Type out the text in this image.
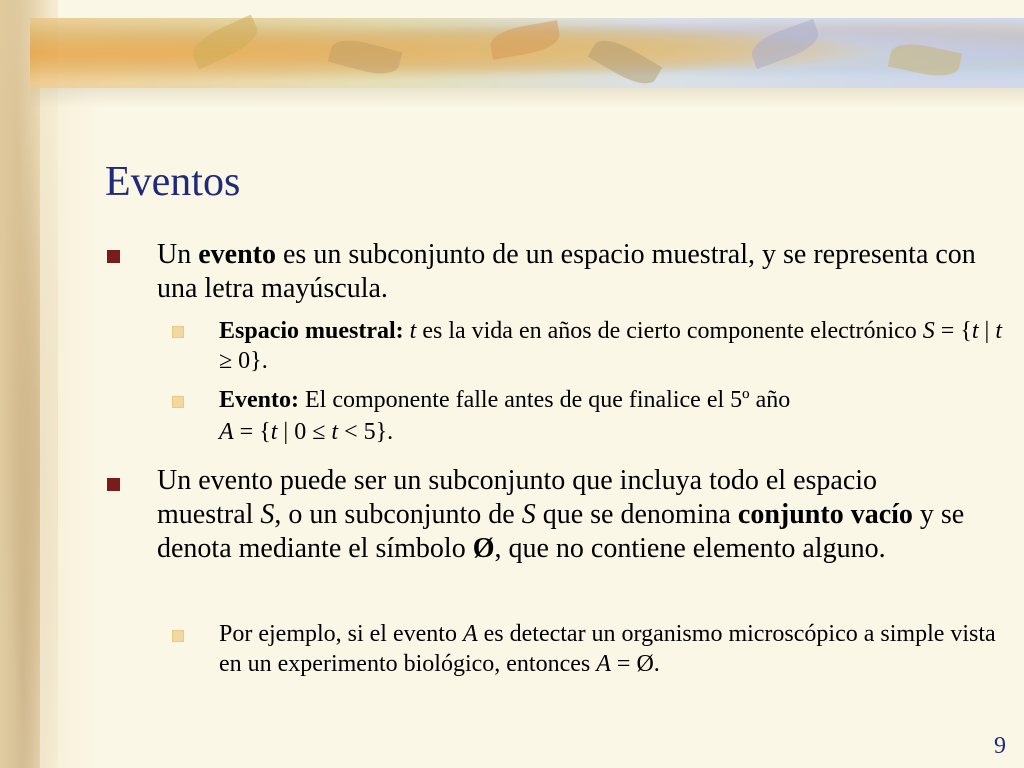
Eventos
Un evento es un subconjunto de un espacio muestral, y se representa con una letra mayúscula.
Espacio muestral: t es la vida en años de cierto componente electrónico S = {t | t ≥ 0}.
Evento: El componente falle antes de que finalice el 5º año
A = {t | 0 ≤ t < 5}.
Un evento puede ser un subconjunto que incluya todo el espacio muestral S, o un subconjunto de S que se denomina conjunto vacío y se denota mediante el símbolo Ø, que no contiene elemento alguno.
Por ejemplo, si el evento A es detectar un organismo microscópico a simple vista en un experimento biológico, entonces A = Ø.
9
